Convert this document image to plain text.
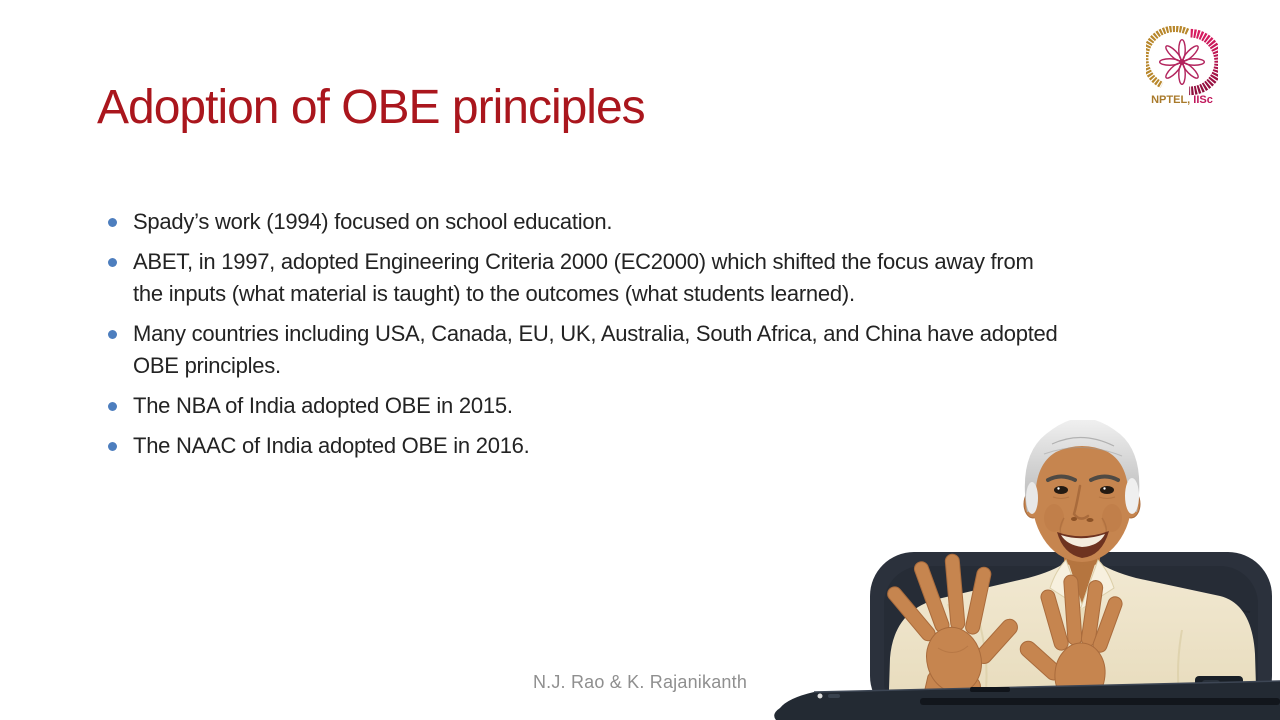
Adoption of OBE principles	NPTEL, IISc
Spady’s work (1994) focused on school education.
ABET, in 1997, adopted Engineering Criteria 2000 (EC2000) which shifted the focus away from
the inputs (what material is taught) to the outcomes (what students learned).
Many countries including USA, Canada, EU, UK, Australia, South Africa, and China have adopted
OBE principles.
The NBA of India adopted OBE in 2015.
The NAAC of India adopted OBE in 2016.
N.J. Rao & K. Rajanikanth
